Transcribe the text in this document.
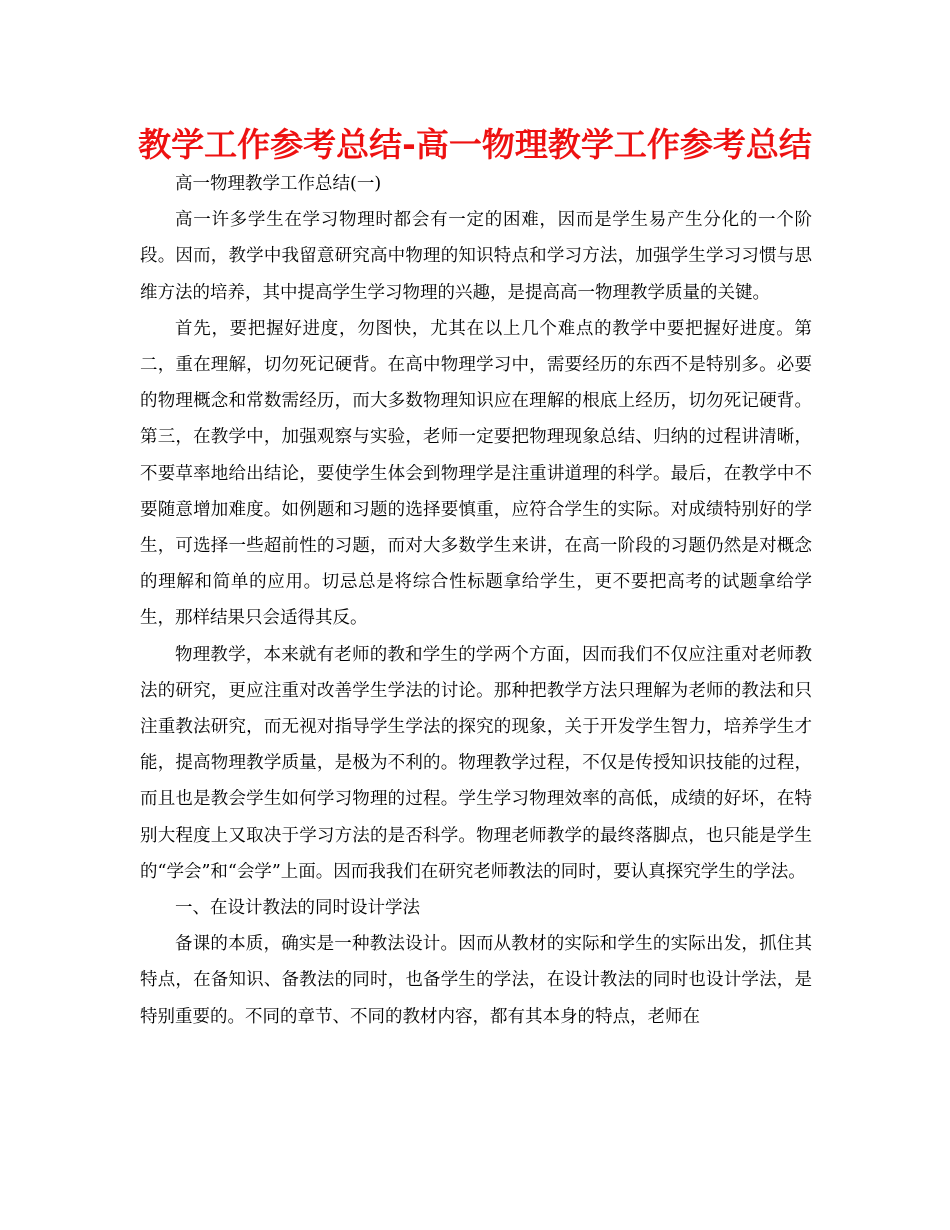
教学工作参考总结-高一物理教学工作参考总结

高一物理教学工作总结(一)

高一许多学生在学习物理时都会有一定的困难，因而是学生易产生分化的一个阶段。因而，教学中我留意研究高中物理的知识特点和学习方法，加强学生学习习惯与思维方法的培养，其中提高学生学习物理的兴趣，是提高高一物理教学质量的关键。

首先，要把握好进度，勿图快，尤其在以上几个难点的教学中要把握好进度。第二，重在理解，切勿死记硬背。在高中物理学习中，需要经历的东西不是特别多。必要的物理概念和常数需经历，而大多数物理知识应在理解的根底上经历，切勿死记硬背。第三，在教学中，加强观察与实验，老师一定要把物理现象总结、归纳的过程讲清晰，不要草率地给出结论，要使学生体会到物理学是注重讲道理的科学。最后，在教学中不要随意增加难度。如例题和习题的选择要慎重，应符合学生的实际。对成绩特别好的学生，可选择一些超前性的习题，而对大多数学生来讲，在高一阶段的习题仍然是对概念的理解和简单的应用。切忌总是将综合性标题拿给学生，更不要把高考的试题拿给学生，那样结果只会适得其反。

物理教学，本来就有老师的教和学生的学两个方面，因而我们不仅应注重对老师教法的研究，更应注重对改善学生学法的讨论。那种把教学方法只理解为老师的教法和只注重教法研究，而无视对指导学生学法的探究的现象，关于开发学生智力，培养学生才能，提高物理教学质量，是极为不利的。物理教学过程，不仅是传授知识技能的过程，而且也是教会学生如何学习物理的过程。学生学习物理效率的高低，成绩的好坏，在特别大程度上又取决于学习方法的是否科学。物理老师教学的最终落脚点，也只能是学生的“学会”和“会学”上面。因而我我们在研究老师教法的同时，要认真探究学生的学法。

一、在设计教法的同时设计学法

备课的本质，确实是一种教法设计。因而从教材的实际和学生的实际出发，抓住其特点，在备知识、备教法的同时，也备学生的学法，在设计教法的同时也设计学法，是特别重要的。不同的章节、不同的教材内容，都有其本身的特点，老师在
